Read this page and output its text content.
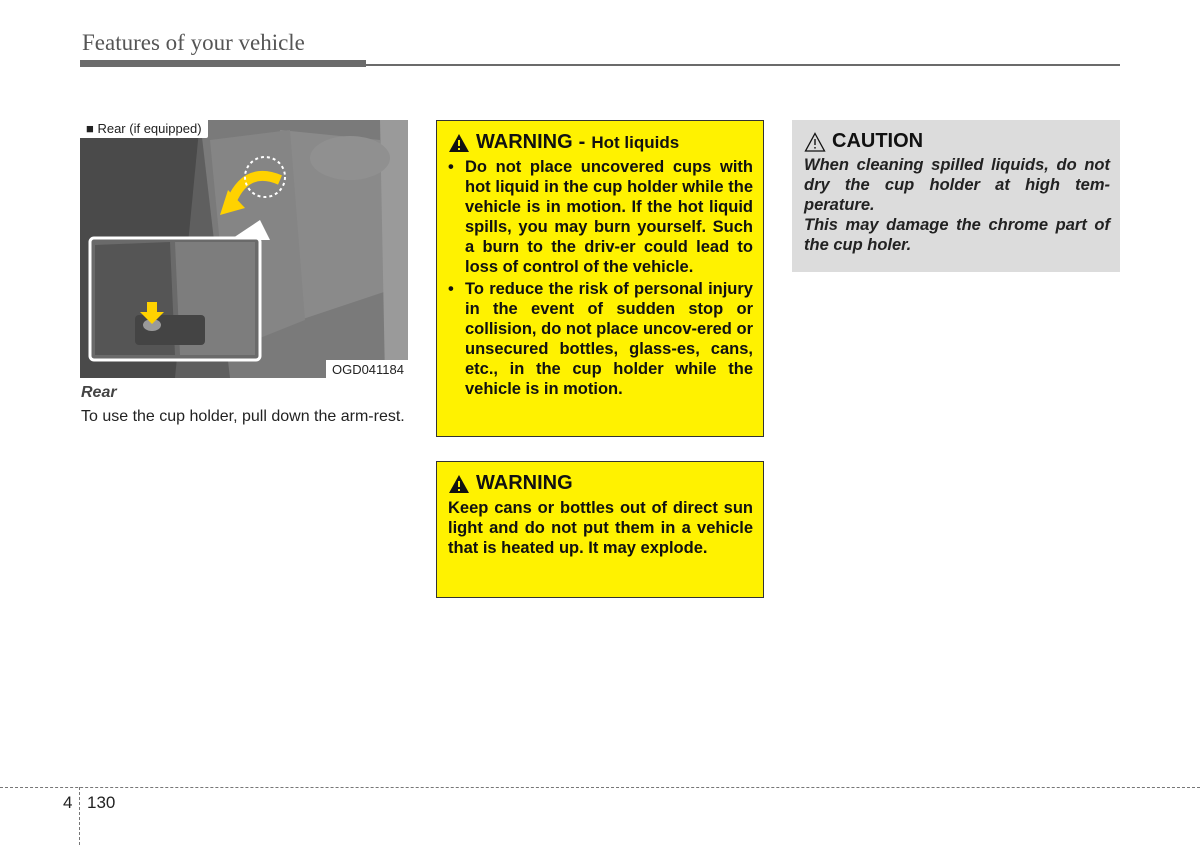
Features of your vehicle
■ Rear (if equipped)
OGD041184
Rear
To use the cup holder, pull down the arm-rest.
WARNING - Hot liquids
• Do not place uncovered cups with hot liquid in the cup holder while the vehicle is in motion. If the hot liquid spills, you may burn yourself. Such a burn to the driv-er could lead to loss of control of the vehicle.
• To reduce the risk of personal injury in the event of sudden stop or collision, do not place uncov-ered or unsecured bottles, glass-es, cans, etc., in the cup holder while the vehicle is in motion.
WARNING

Keep cans or bottles out of direct sun light and do not put them in a vehicle that is heated up. It may explode.

CAUTION

When cleaning spilled liquids, do not dry the cup holder at high tem-perature.

This may damage the chrome part of the cup holer.

4 130
